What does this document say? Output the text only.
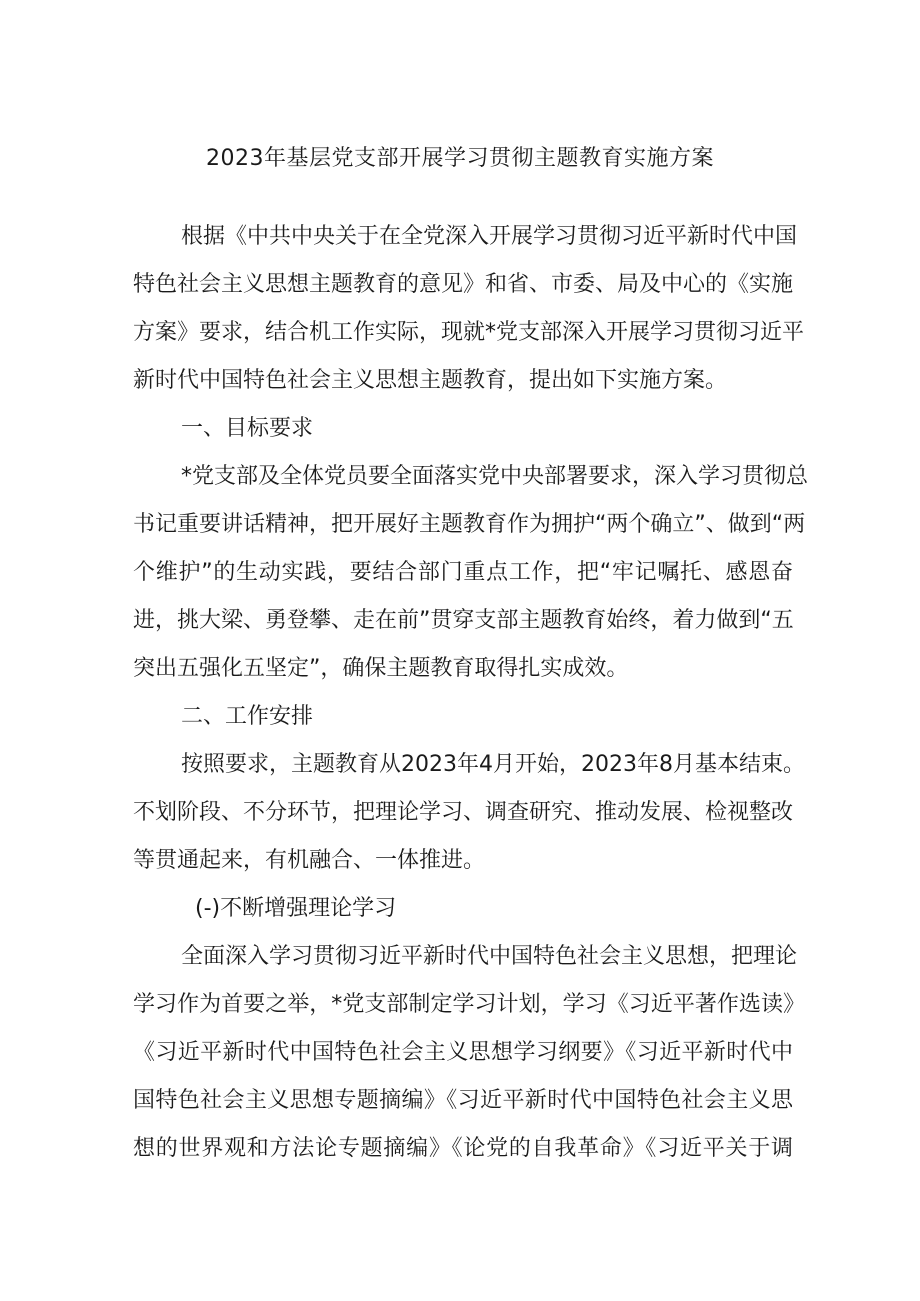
2023年基层党支部开展学习贯彻主题教育实施方案
根据《中共中央关于在全党深入开展学习贯彻习近平新时代中国
特色社会主义思想主题教育的意见》和省、市委、局及中心的《实施
方案》要求，结合机工作实际，现就*党支部深入开展学习贯彻习近平
新时代中国特色社会主义思想主题教育，提出如下实施方案。
一、目标要求
*党支部及全体党员要全面落实党中央部署要求，深入学习贯彻总
书记重要讲话精神，把开展好主题教育作为拥护“两个确立”、做到“两
个维护”的生动实践，要结合部门重点工作，把“牢记嘱托、感恩奋
进，挑大梁、勇登攀、走在前”贯穿支部主题教育始终，着力做到“五
突出五强化五坚定”，确保主题教育取得扎实成效。
二、工作安排
按照要求，主题教育从2023年4月开始，2023年8月基本结束。
不划阶段、不分环节，把理论学习、调查研究、推动发展、检视整改
等贯通起来，有机融合、一体推进。
(-)不断增强理论学习
全面深入学习贯彻习近平新时代中国特色社会主义思想，把理论
学习作为首要之举，*党支部制定学习计划，学习《习近平著作选读》
《习近平新时代中国特色社会主义思想学习纲要》《习近平新时代中
国特色社会主义思想专题摘编》《习近平新时代中国特色社会主义思
想的世界观和方法论专题摘编》《论党的自我革命》《习近平关于调
